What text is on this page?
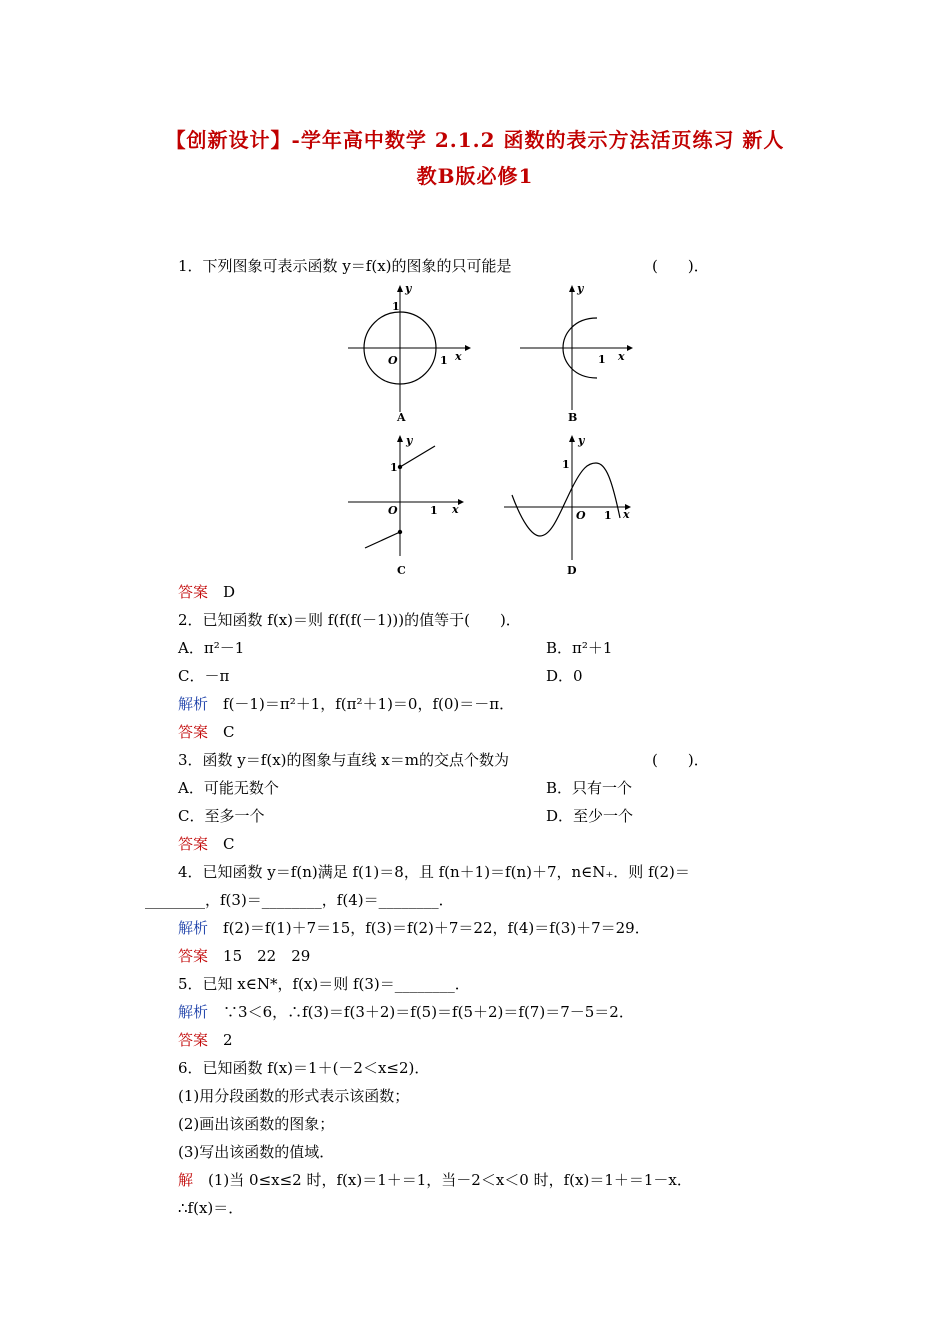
【创新设计】-学年高中数学 2.1.2 函数的表示方法活页练习 新人
教B版必修1
1．下列图象可表示函数 y＝f(x)的图象的只可能是	(　　)．
y
1
1 x
O
A
y
1 x
B
y
1
1 x
O
C
y
1
1 x
O
D
答案　 D
2．已知函数 f(x)＝则 f(f(f(－1)))的值等于(　　)．
A．π²－1	B．π²＋1
C．－π	D．0
解析　 f(－1)＝π²＋1，f(π²＋1)＝0，f(0)＝－π．
答案　 C
3．函数 y＝f(x)的图象与直线 x＝m的交点个数为	(　　)．
A．可能无数个	B．只有一个
C．至多一个	D．至少一个
答案　 C
4．已知函数 y＝f(n)满足 f(1)＝8，且 f(n＋1)＝f(n)＋7，n∈N₊．则 f(2)＝
________，f(3)＝________，f(4)＝________．
解析　 f(2)＝f(1)＋7＝15，f(3)＝f(2)＋7＝22，f(4)＝f(3)＋7＝29．
答案　 15　22　29
5．已知 x∈N*，f(x)＝则 f(3)＝________．
解析　 ∵3＜6，∴f(3)＝f(3＋2)＝f(5)＝f(5＋2)＝f(7)＝7－5＝2．
答案　 2
6．已知函数 f(x)＝1＋(－2＜x≤2)．
(1)用分段函数的形式表示该函数；
(2)画出该函数的图象；
(3)写出该函数的值域．
解　 (1)当 0≤x≤2 时，f(x)＝1＋＝1，当－2＜x＜0 时，f(x)＝1＋＝1－x．
∴f(x)＝．
